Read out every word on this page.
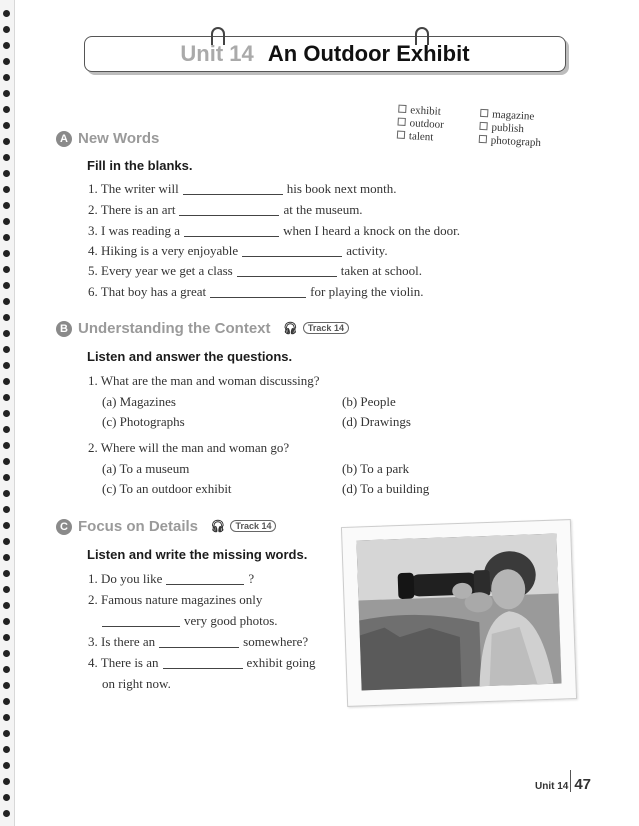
Unit 14 An Outdoor Exhibit
exhibit
outdoor
talent
magazine
publish
photograph
A New Words
Fill in the blanks.
1. The writer will	his book next month.
2. There is an art	at the museum.
3. I was reading a	when I heard a knock on the door.
4. Hiking is a very enjoyable	activity.
5. Every year we get a class	taken at school.
6. That boy has a great	for playing the violin.
B Understanding the Context 🎧︎ Track 14
Listen and answer the questions.
1. What are the man and woman discussing?
(a) Magazines	(b) People
(c) Photographs	(d) Drawings
2. Where will the man and woman go?
(a) To a museum	(b) To a park
(c) To an outdoor exhibit	(d) To a building
C Focus on Details 🎧︎ Track 14
Listen and write the missing words.
1. Do you like	?
2. Famous nature magazines only
very good photos.
3. Is there an	somewhere?
4. There is an	exhibit going
on right now.
Unit 14 47
